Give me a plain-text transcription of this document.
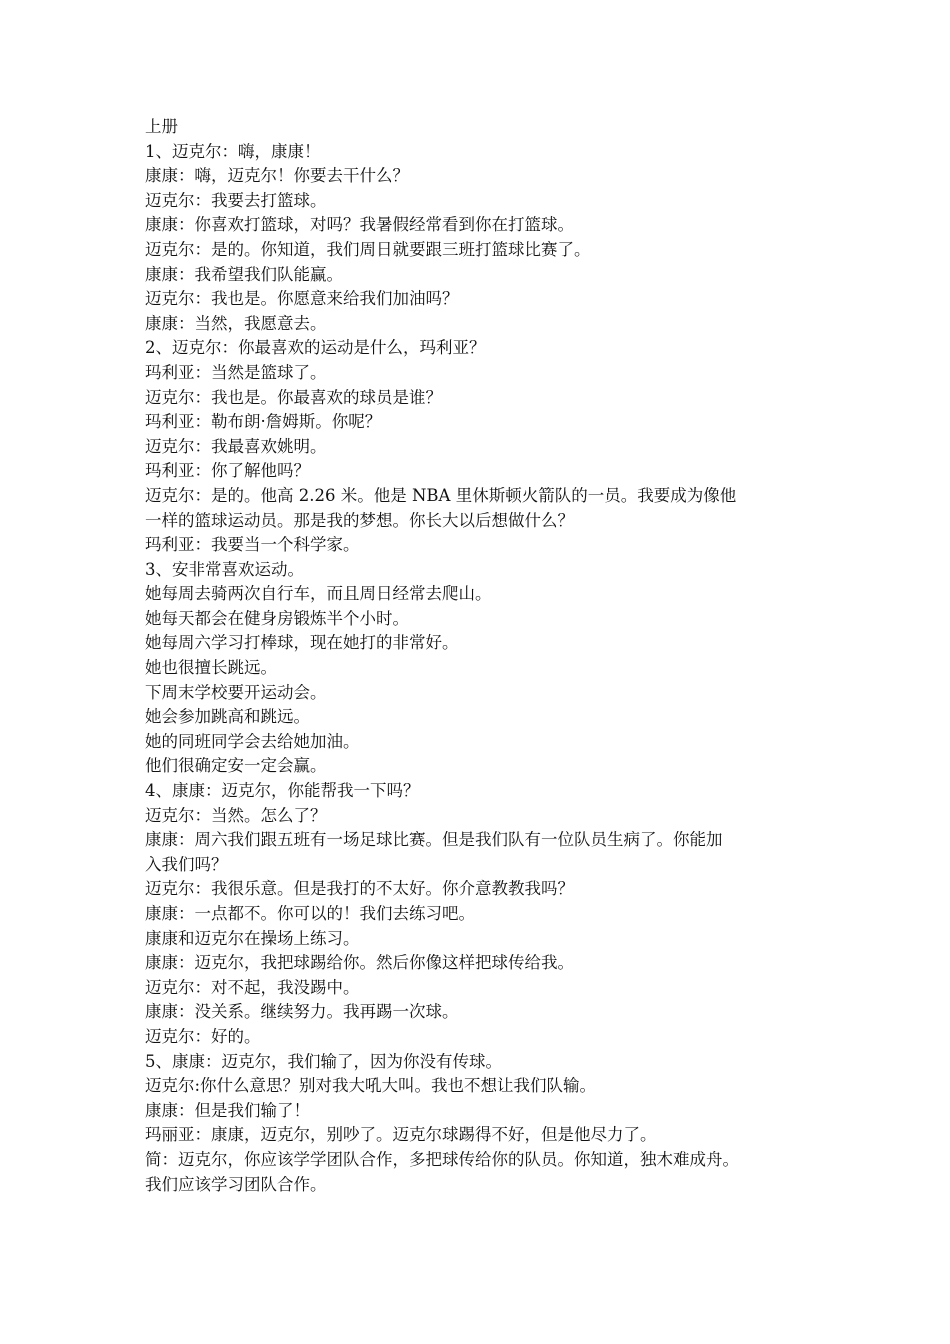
上册
1、迈克尔：嗨，康康！
康康：嗨，迈克尔！你要去干什么？
迈克尔：我要去打篮球。
康康：你喜欢打篮球，对吗？我暑假经常看到你在打篮球。
迈克尔：是的。你知道，我们周日就要跟三班打篮球比赛了。
康康：我希望我们队能赢。
迈克尔：我也是。你愿意来给我们加油吗？
康康：当然，我愿意去。
2、迈克尔：你最喜欢的运动是什么，玛利亚？
玛利亚：当然是篮球了。
迈克尔：我也是。你最喜欢的球员是谁？
玛利亚：勒布朗·詹姆斯。你呢？
迈克尔：我最喜欢姚明。
玛利亚：你了解他吗？
迈克尔：是的。他高 2.26 米。他是 NBA 里休斯顿火箭队的一员。我要成为像他
一样的篮球运动员。那是我的梦想。你长大以后想做什么？
玛利亚：我要当一个科学家。
3、安非常喜欢运动。
她每周去骑两次自行车，而且周日经常去爬山。
她每天都会在健身房锻炼半个小时。
她每周六学习打棒球，现在她打的非常好。
她也很擅长跳远。
下周末学校要开运动会。
她会参加跳高和跳远。
她的同班同学会去给她加油。
他们很确定安一定会赢。
4、康康：迈克尔，你能帮我一下吗？
迈克尔：当然。怎么了？
康康：周六我们跟五班有一场足球比赛。但是我们队有一位队员生病了。你能加
入我们吗？
迈克尔：我很乐意。但是我打的不太好。你介意教教我吗？
康康：一点都不。你可以的！我们去练习吧。
康康和迈克尔在操场上练习。
康康：迈克尔，我把球踢给你。然后你像这样把球传给我。
迈克尔：对不起，我没踢中。
康康：没关系。继续努力。我再踢一次球。
迈克尔：好的。
5、康康：迈克尔，我们输了，因为你没有传球。
迈克尔:你什么意思？别对我大吼大叫。我也不想让我们队输。
康康：但是我们输了！
玛丽亚：康康，迈克尔，别吵了。迈克尔球踢得不好，但是他尽力了。
简：迈克尔，你应该学学团队合作，多把球传给你的队员。你知道，独木难成舟。
我们应该学习团队合作。
